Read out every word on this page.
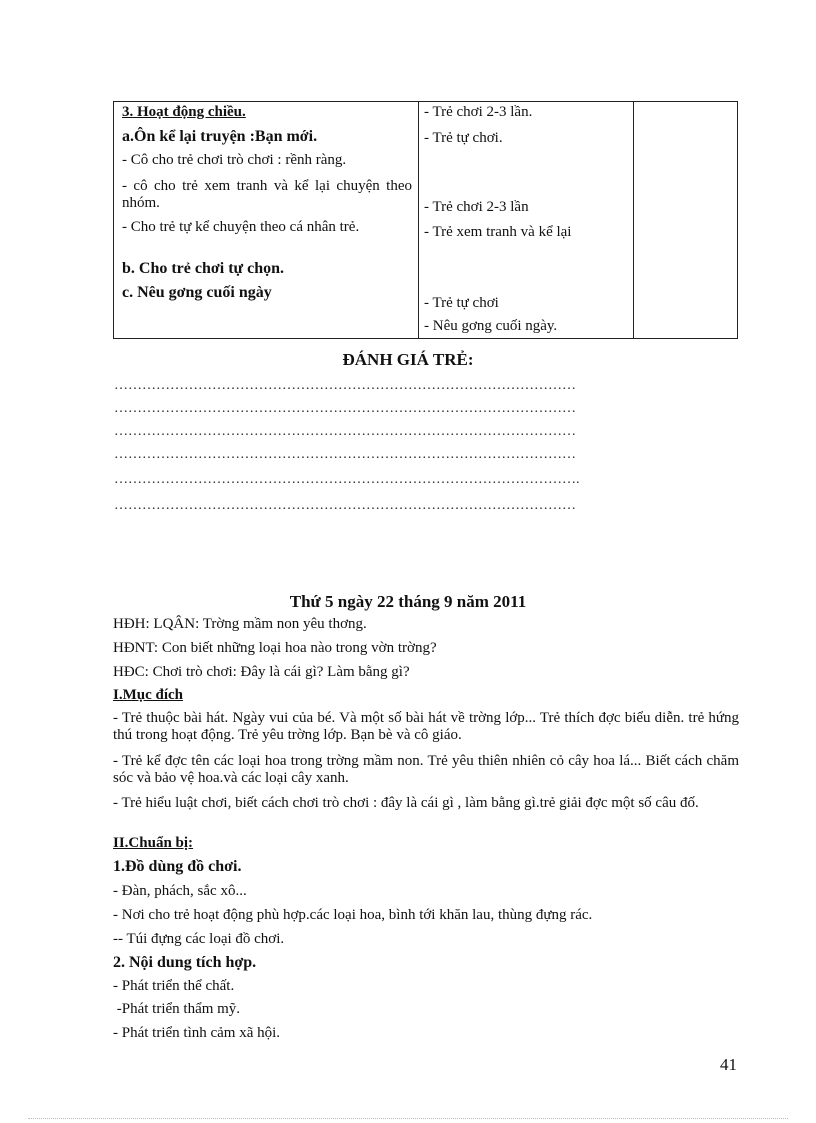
3. Hoạt động chiều.
a.Ôn kể lại truyện :Bạn mới.
- Cô cho trẻ chơi trò chơi : rềnh ràng.
- cô cho trẻ xem tranh và kể lại chuyện theo nhóm.
- Cho trẻ tự kể chuyện theo cá nhân trẻ.
b. Cho trẻ chơi tự chọn.
c. Nêu gơng cuối ngày
- Trẻ chơi 2-3 lần.
- Trẻ tự chơi.
- Trẻ chơi 2-3 lần
- Trẻ xem tranh và kể lại
- Trẻ tự chơi
- Nêu gơng cuối ngày.
ĐÁNH GIÁ TRẺ:
………………………………………………………………………………………
………………………………………………………………………………………
………………………………………………………………………………………
………………………………………………………………………………………
……………………………………………………………………………………….
………………………………………………………………………………………
Thứ 5 ngày 22 tháng 9 năm 2011
HĐH: LQÂN: Trờng mầm non yêu thơng.
HĐNT: Con biết những loại hoa nào trong vờn trờng?
HĐC: Chơi trò chơi: Đây là cái gì? Làm bằng gì?
I.Mục đích
- Trẻ thuộc bài hát. Ngày vui của bé. Và một số bài hát về trờng lớp... Trẻ thích đợc biểu diễn. trẻ hứng thú trong hoạt động. Trẻ yêu trờng lớp. Bạn bè và cô giáo.
- Trẻ kể đợc tên các loại hoa trong trờng mầm non. Trẻ yêu thiên nhiên cỏ cây hoa lá... Biết cách chăm sóc và bảo vệ hoa.và các loại cây xanh.
- Trẻ hiểu luật chơi, biết cách chơi trò chơi : đây là cái gì , làm bằng gì.trẻ giải đợc một số câu đố.
II.Chuẩn bị:
1.Đồ dùng đồ chơi.
- Đàn, phách, sắc xô...
- Nơi cho trẻ hoạt động phù hợp.các loại hoa, bình tới khăn lau, thùng đựng rác.
-- Túi đựng các loại đồ chơi.
2. Nội dung tích hợp.
- Phát triển thể chất.
-Phát triển thẩm mỹ.
- Phát triển tình cảm xã hội.
41
